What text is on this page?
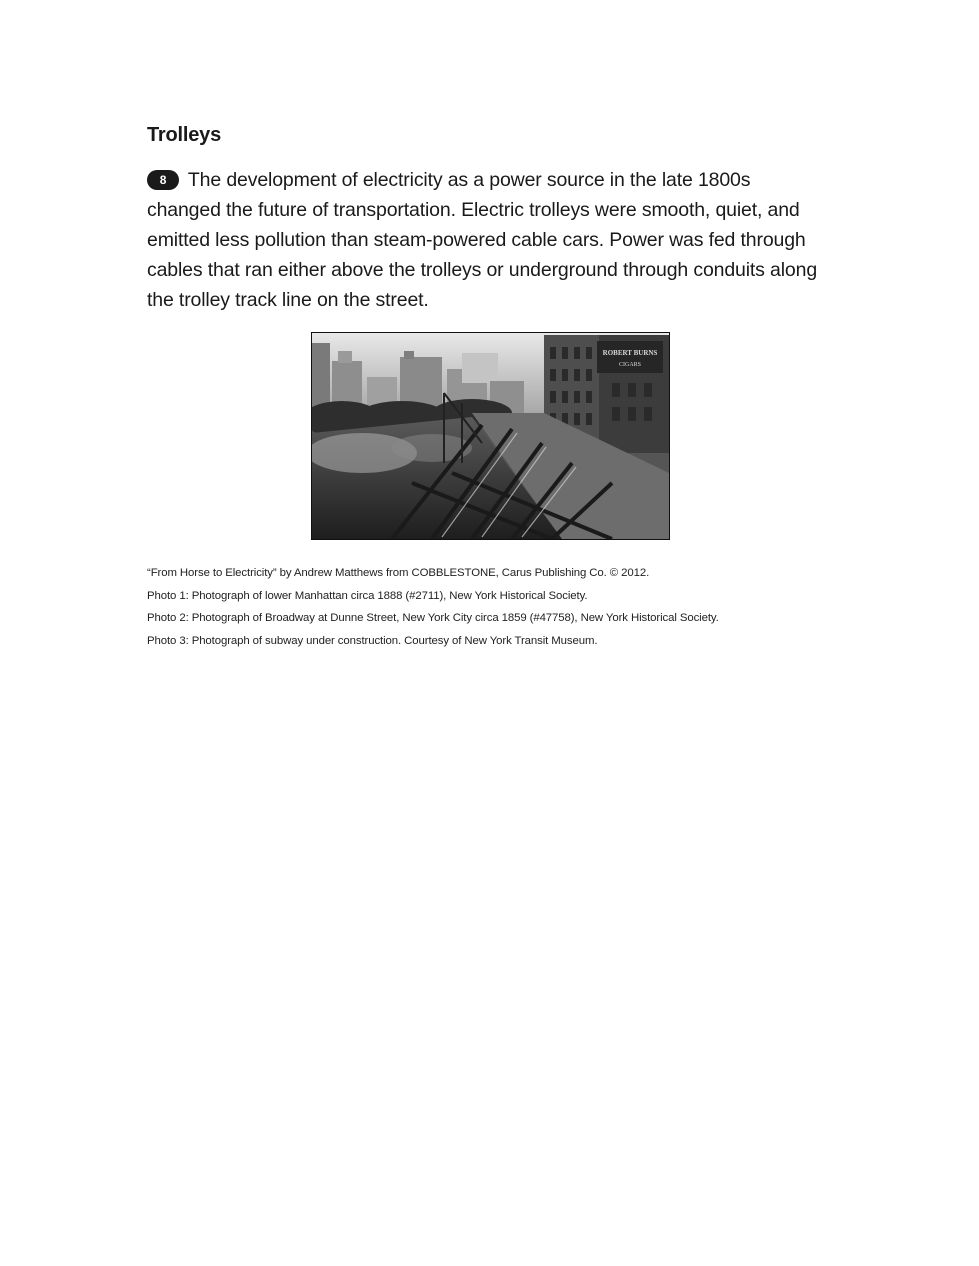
Trolleys

8 The development of electricity as a power source in the late 1800s changed the future of transportation. Electric trolleys were smooth, quiet, and emitted less pollution than steam-powered cable cars. Power was fed through cables that ran either above the trolleys or underground through conduits along the trolley track line on the street.

ROBERT BURNS
CIGARS
“From Horse to Electricity” by Andrew Matthews from COBBLESTONE, Carus Publishing Co. © 2012.
Photo 1: Photograph of lower Manhattan circa 1888 (#2711), New York Historical Society.
Photo 2: Photograph of Broadway at Dunne Street, New York City circa 1859 (#47758), New York Historical Society.
Photo 3: Photograph of subway under construction. Courtesy of New York Transit Museum.
